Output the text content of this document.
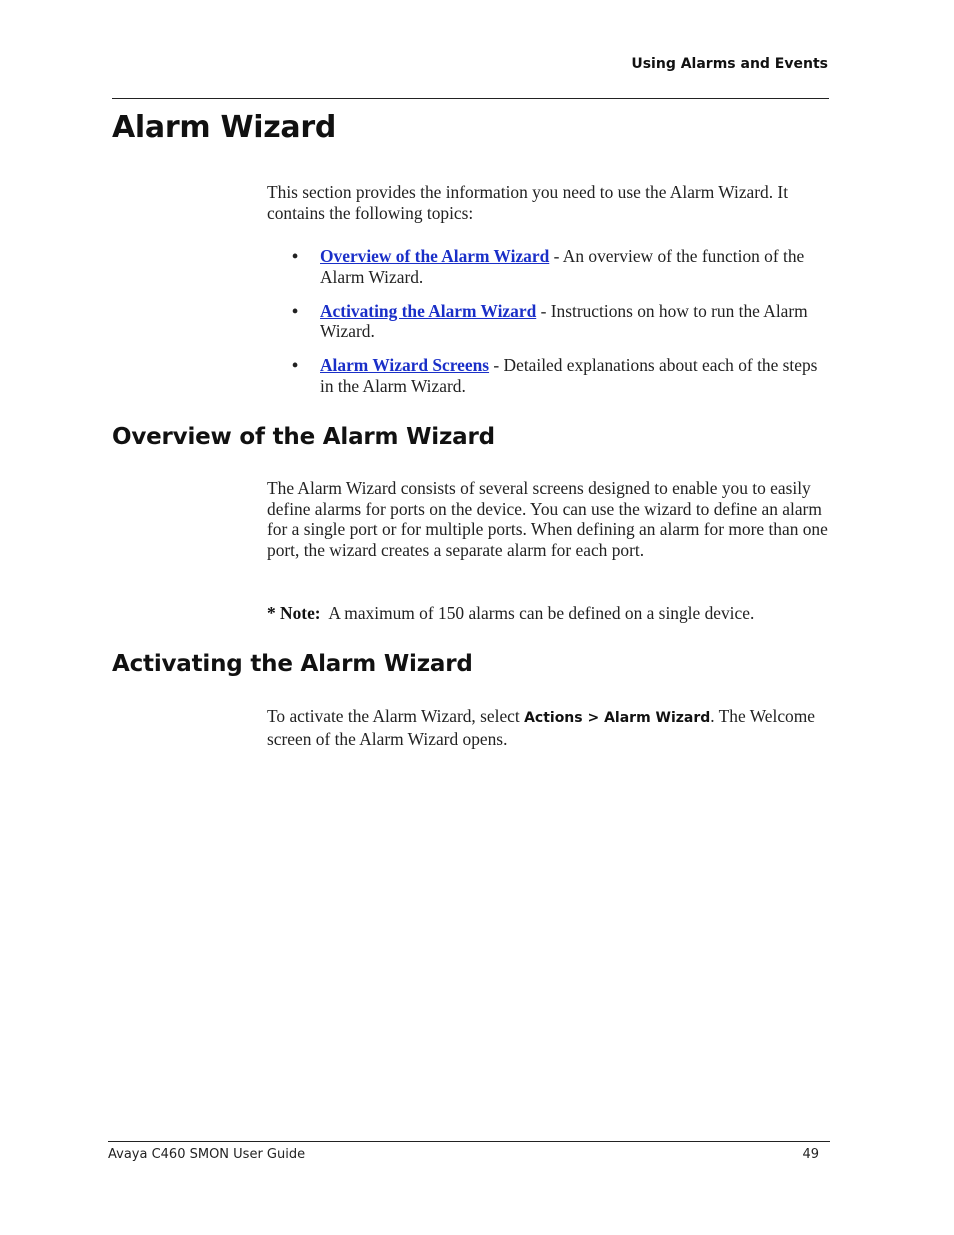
Using Alarms and Events
Alarm Wizard

This section provides the information you need to use the Alarm Wizard. It contains the following topics:

• Overview of the Alarm Wizard - An overview of the function of the Alarm Wizard.
• Activating the Alarm Wizard - Instructions on how to run the Alarm Wizard.
• Alarm Wizard Screens - Detailed explanations about each of the steps in the Alarm Wizard.
Overview of the Alarm Wizard

The Alarm Wizard consists of several screens designed to enable you to easily define alarms for ports on the device. You can use the wizard to define an alarm for a single port or for multiple ports. When defining an alarm for more than one port, the wizard creates a separate alarm for each port.

* Note: A maximum of 150 alarms can be defined on a single device.

Activating the Alarm Wizard

To activate the Alarm Wizard, select Actions > Alarm Wizard. The Welcome screen of the Alarm Wizard opens.

Avaya C460 SMON User Guide	49
